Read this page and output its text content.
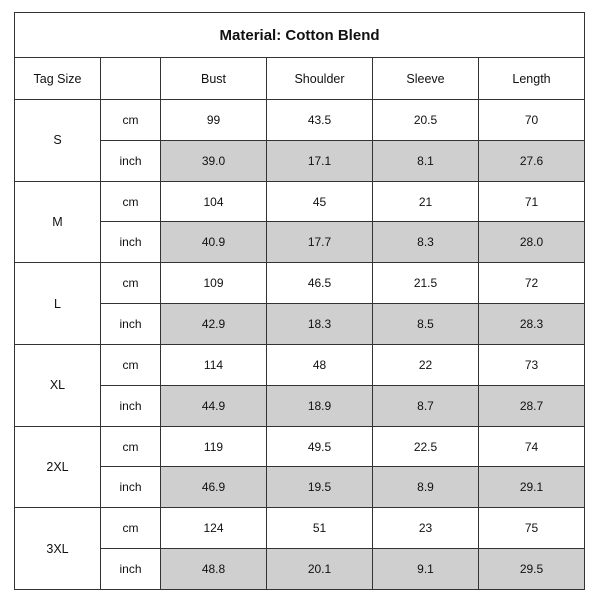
Material: Cotton Blend					
Tag Size		Bust	Shoulder	Sleeve	Length
S	cm	99	43.5	20.5	70
	inch	39.0	17.1	8.1	27.6
M	cm	104	45	21	71
	inch	40.9	17.7	8.3	28.0
L	cm	109	46.5	21.5	72
	inch	42.9	18.3	8.5	28.3
XL	cm	114	48	22	73
	inch	44.9	18.9	8.7	28.7
2XL	cm	119	49.5	22.5	74
	inch	46.9	19.5	8.9	29.1
3XL	cm	124	51	23	75
	inch	48.8	20.1	9.1	29.5
